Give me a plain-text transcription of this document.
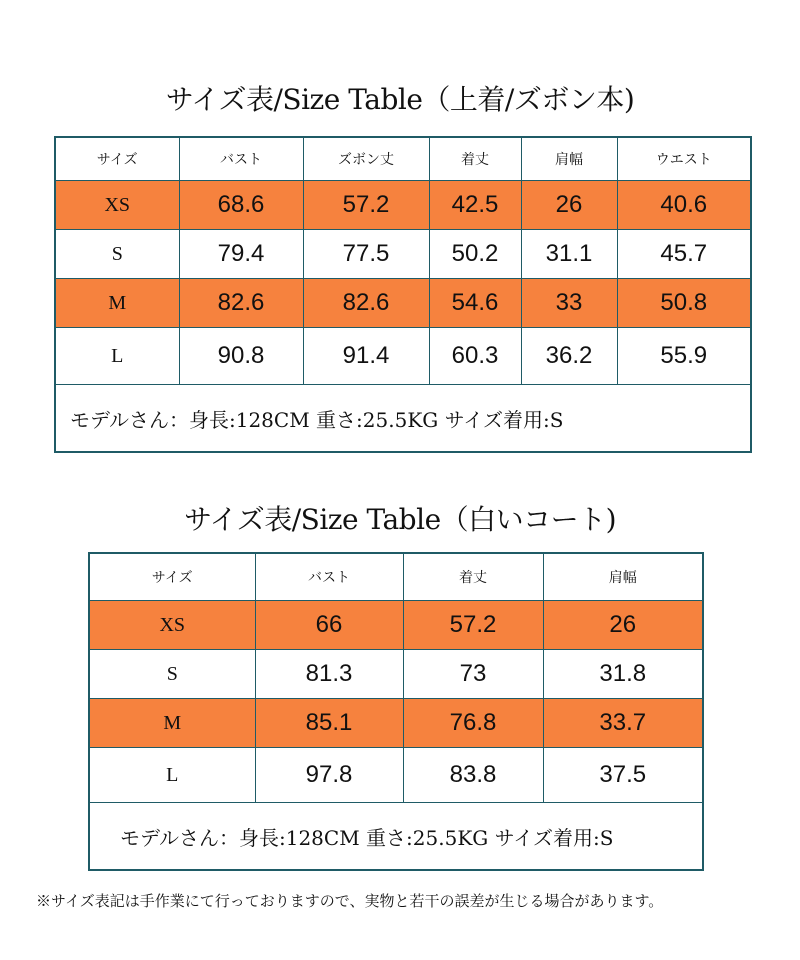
サイズ表/Size Table（上着/ズボン本)
サイズ	バスト	ズボン丈	着丈	肩幅	ウエスト
XS	68.6	57.2	42.5	26	40.6
S	79.4	77.5	50.2	31.1	45.7
M	82.6	82.6	54.6	33	50.8
L	90.8	91.4	60.3	36.2	55.9
モデルさん：身長:128CM 重さ:25.5KG サイズ着用:S					
サイズ表/Size Table（白いコート)
サイズ	バスト	着丈	肩幅
XS	66	57.2	26
S	81.3	73	31.8
M	85.1	76.8	33.7
L	97.8	83.8	37.5
モデルさん：身長:128CM 重さ:25.5KG サイズ着用:S			
※サイズ表記は手作業にて行っておりますので、実物と若干の誤差が生じる場合があります。
